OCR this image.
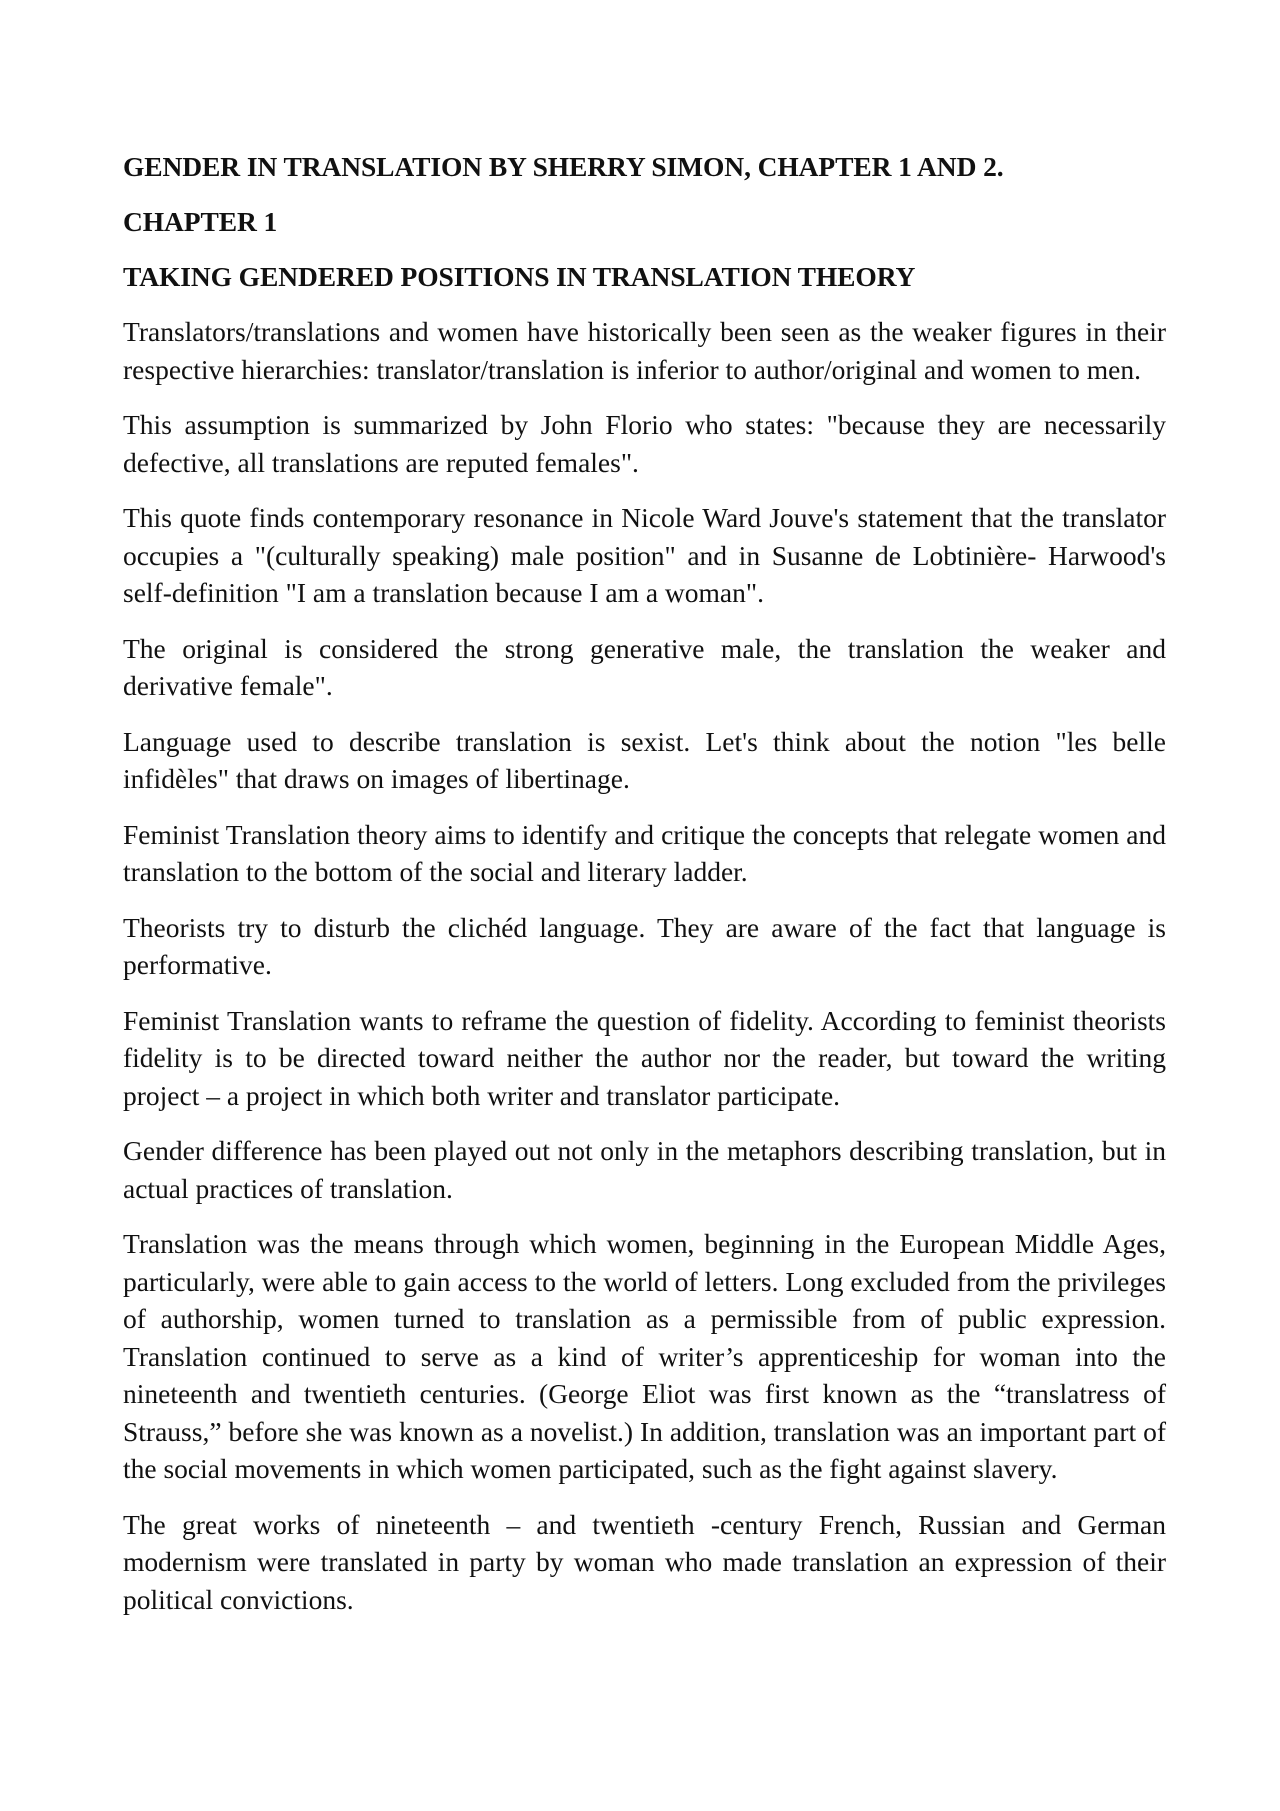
GENDER IN TRANSLATION BY SHERRY SIMON, CHAPTER 1 AND 2.
CHAPTER 1
TAKING GENDERED POSITIONS IN TRANSLATION THEORY

Translators/translations and women have historically been seen as the weaker figures in their respective hierarchies: translator/translation is inferior to author/original and women to men.

This assumption is summarized by John Florio who states: "because they are necessarily defective, all translations are reputed females".

This quote finds contemporary resonance in Nicole Ward Jouve's statement that the translator occupies a "(culturally speaking) male position" and in Susanne de Lobtinière- Harwood's self-definition "I am a translation because I am a woman".

The original is considered the strong generative male, the translation the weaker and derivative female".

Language used to describe translation is sexist. Let's think about the notion "les belle infidèles" that draws on images of libertinage.

Feminist Translation theory aims to identify and critique the concepts that relegate women and translation to the bottom of the social and literary ladder.

Theorists try to disturb the clichéd language. They are aware of the fact that language is performative.

Feminist Translation wants to reframe the question of fidelity. According to feminist theorists fidelity is to be directed toward neither the author nor the reader, but toward the writing project – a project in which both writer and translator participate.

Gender difference has been played out not only in the metaphors describing translation, but in actual practices of translation.

Translation was the means through which women, beginning in the European Middle Ages, particularly, were able to gain access to the world of letters. Long excluded from the privileges of authorship, women turned to translation as a permissible from of public expression. Translation continued to serve as a kind of writer’s apprenticeship for woman into the nineteenth and twentieth centuries. (George Eliot was first known as the “translatress of Strauss,” before she was known as a novelist.) In addition, translation was an important part of the social movements in which women participated, such as the fight against slavery.

The great works of nineteenth – and twentieth -century French, Russian and German modernism were translated in party by woman who made translation an expression of their political convictions.
